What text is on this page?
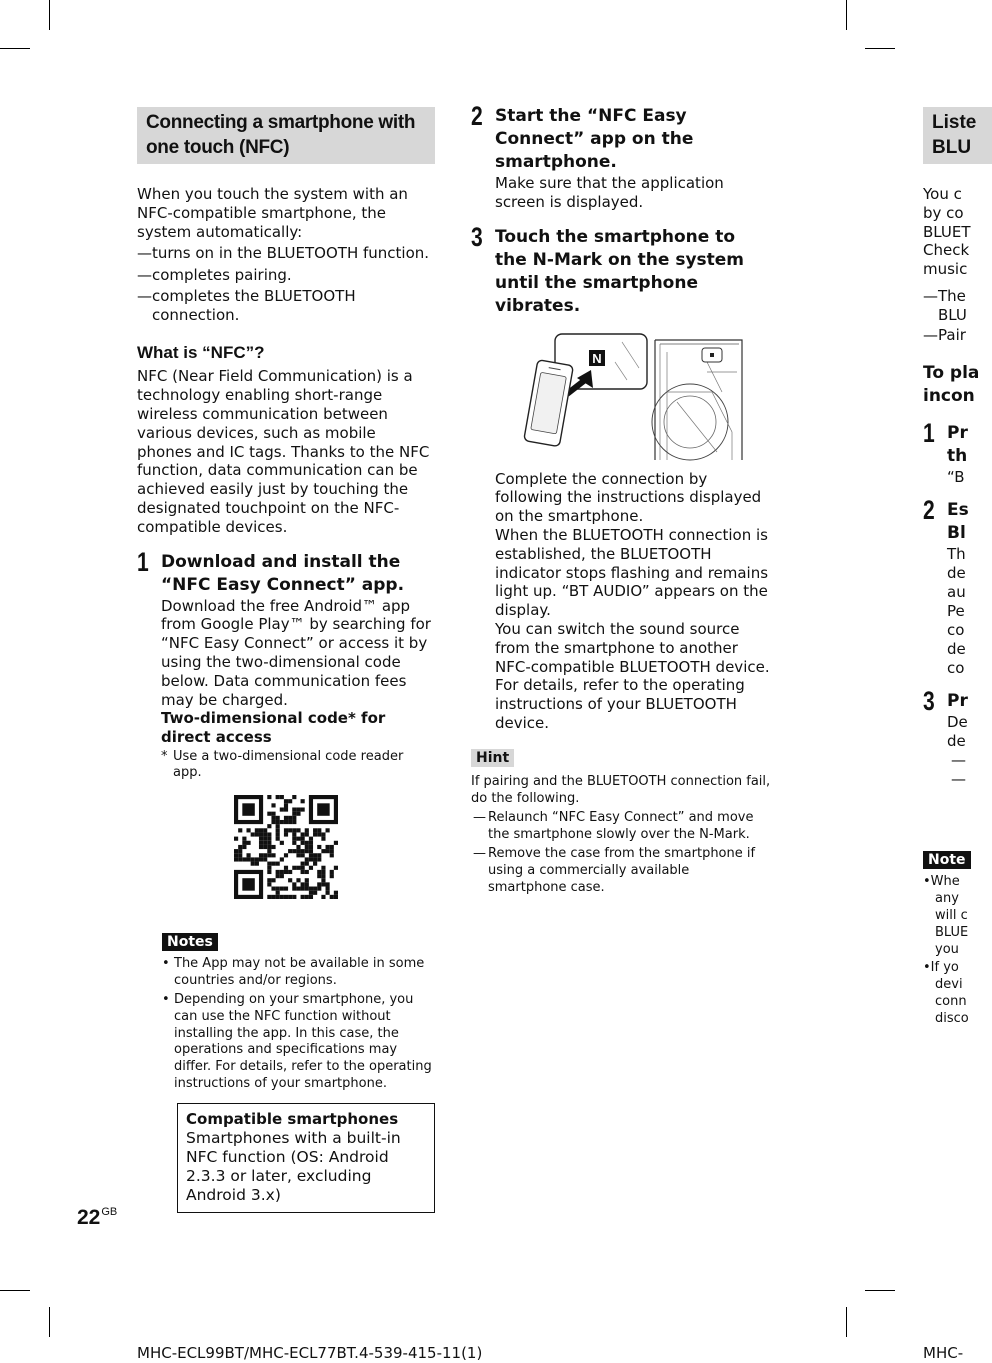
Connecting a smartphone with one touch (NFC)

When you touch the system with an NFC-compatible smartphone, the system automatically:

— turns on in the BLUETOOTH function.
— completes pairing.
— completes the BLUETOOTH connection.

What is “NFC”?

NFC (Near Field Communication) is a technology enabling short-range wireless communication between various devices, such as mobile phones and IC tags. Thanks to the NFC function, data communication can be achieved easily just by touching the designated touchpoint on the NFC-compatible devices.

1 Download and install the “NFC Easy Connect” app.

Download the free Android™ app from Google Play™ by searching for “NFC Easy Connect” or access it by using the two-dimensional code below. Data communication fees may be charged.

Two-dimensional code* for direct access
* Use a two-dimensional code reader app.
Notes
• The App may not be available in some countries and/or regions.
• Depending on your smartphone, you can use the NFC function without installing the app. In this case, the operations and specifications may differ. For details, refer to the operating instructions of your smartphone.
Compatible smartphones
Smartphones with a built-in NFC function (OS: Android 2.3.3 or later, excluding Android 3.x)
2 Start the “NFC Easy Connect” app on the smartphone.

Make sure that the application screen is displayed.

3 Touch the smartphone to the N-Mark on the system until the smartphone vibrates.

N

Complete the connection by following the instructions displayed on the smartphone.

When the BLUETOOTH connection is established, the BLUETOOTH indicator stops flashing and remains light up. “BT AUDIO” appears on the display.

You can switch the sound source from the smartphone to another NFC-compatible BLUETOOTH device.

For details, refer to the operating instructions of your BLUETOOTH device.

Hint

If pairing and the BLUETOOTH connection fail, do the following.

— Relaunch “NFC Easy Connect” and move the smartphone slowly over the N-Mark.
— Remove the case from the smartphone if using a commercially available smartphone case.
Liste
BLU
You c
by co
BLUET
Check
music
—The
BLU
—Pair
To pla
incon
1 Pr
th
“B
2 Es
Bl
Th
de
au
Pe
co
de
co
3 Pr
De
de
—
—
Note
•Whe
any
will c
BLUE
you
•If yo
devi
conn
disco
$22^{GB}$
MHC-ECL99BT/MHC-ECL77BT.4-539-415-11(1)	MHC-
